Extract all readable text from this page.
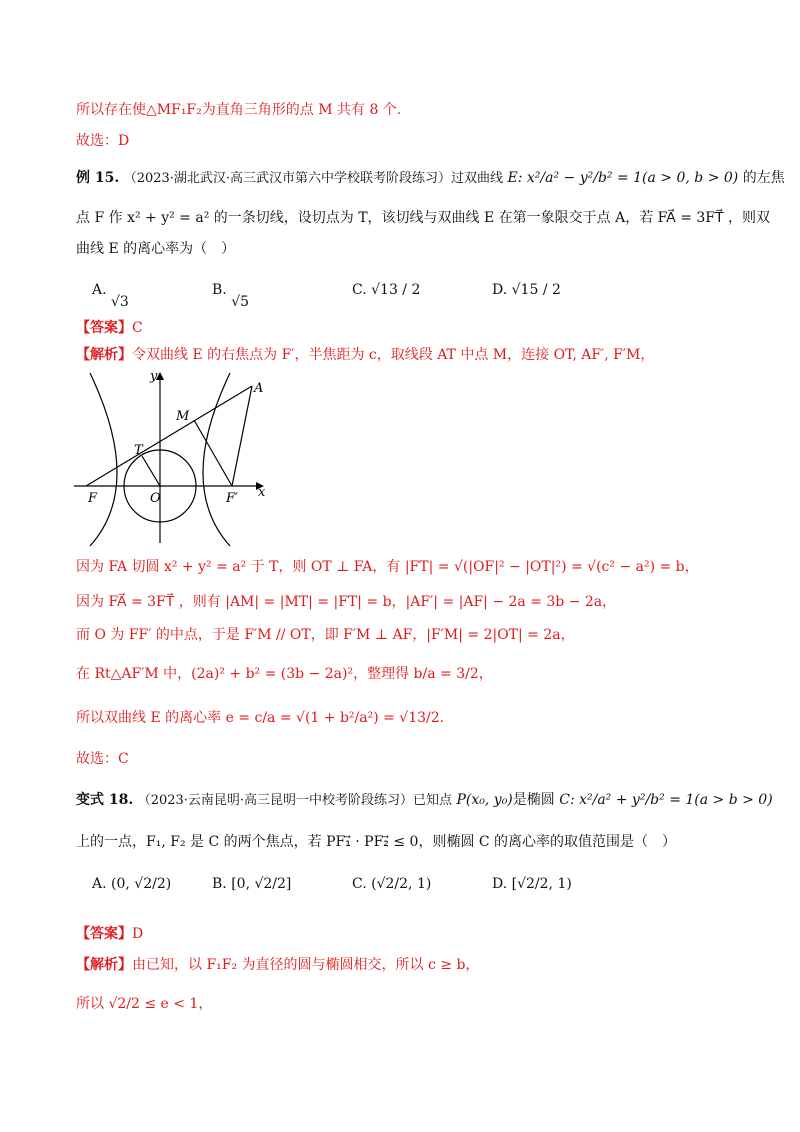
所以存在使△MF₁F₂为直角三角形的点 M 共有 8 个.
故选：D
例 15. （2023·湖北武汉·高三武汉市第六中学校联考阶段练习）过双曲线 E: x²/a² − y²/b² = 1(a > 0, b > 0) 的左焦
点 F 作 x² + y² = a² 的一条切线，设切点为 T，该切线与双曲线 E 在第一象限交于点 A，若 FA⃗ = 3FT⃗ ，则双
曲线 E 的离心率为（　）
A. √3
B. √5
C. √13 / 2	D. √15 / 2
【答案】C
【解析】令双曲线 E 的右焦点为 F′，半焦距为 c，取线段 AT 中点 M，连接 OT, AF′, F′M，
y
x
A
M
T
F	O	F′
因为 FA 切圆 x² + y² = a² 于 T，则 OT ⊥ FA，有 |FT| = √(|OF|² − |OT|²) = √(c² − a²) = b，
因为 FA⃗ = 3FT⃗ ，则有 |AM| = |MT| = |FT| = b，|AF′| = |AF| − 2a = 3b − 2a，
而 O 为 FF′ 的中点，于是 F′M // OT，即 F′M ⊥ AF，|F′M| = 2|OT| = 2a，
在 Rt△AF′M 中，(2a)² + b² = (3b − 2a)²，整理得 b/a = 3/2，
所以双曲线 E 的离心率 e = c/a = √(1 + b²/a²) = √13/2.
故选：C
变式 18. （2023·云南昆明·高三昆明一中校考阶段练习）已知点 P(x₀, y₀)是椭圆 C: x²/a² + y²/b² = 1(a > b > 0)
上的一点，F₁, F₂ 是 C 的两个焦点，若 PF₁⃗ · PF₂⃗ ≤ 0，则椭圆 C 的离心率的取值范围是（　）
A. (0, √2/2)	B. [0, √2/2]	C. (√2/2, 1)	D. [√2/2, 1)
【答案】D
【解析】由已知，以 F₁F₂ 为直径的圆与椭圆相交，所以 c ≥ b，
所以 √2/2 ≤ e < 1，
